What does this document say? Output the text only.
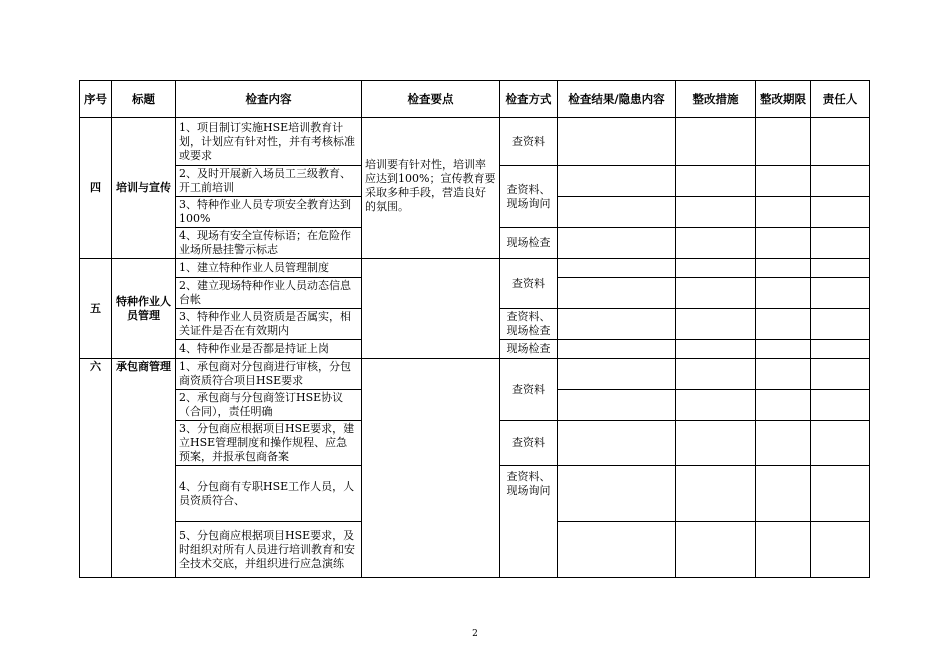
序号	标题	检查内容	检查要点	检查方式	检查结果/隐患内容	整改措施	整改期限	责任人
四	培训与宣传	1、项目制订实施HSE培训教育计划，计划应有针对性，并有考核标准或要求	培训要有针对性，培训率应达到100%；宣传教育要采取多种手段，营造良好的氛围。	查资料				
		2、及时开展新入场员工三级教育、开工前培训		查资料、现场询问				
		3、特种作业人员专项安全教育达到100%						
		4、现场有安全宣传标语；在危险作业场所悬挂警示标志		现场检查				
五	特种作业人员管理	1、建立特种作业人员管理制度		查资料				
		2、建立现场特种作业人员动态信息台帐						
		3、特种作业人员资质是否属实，相关证件是否在有效期内		查资料、现场检查				
		4、特种作业是否都是持证上岗		现场检查				
六	承包商管理	1、承包商对分包商进行审核，分包商资质符合项目HSE要求		查资料				
		2、承包商与分包商签订HSE协议（合同），责任明确						
		3、分包商应根据项目HSE要求，建立HSE管理制度和操作规程、应急预案，并报承包商备案		查资料				
		4、分包商有专职HSE工作人员，人员资质符合、		查资料、现场询问				
		5、分包商应根据项目HSE要求，及时组织对所有人员进行培训教育和安全技术交底，并组织进行应急演练						
2
